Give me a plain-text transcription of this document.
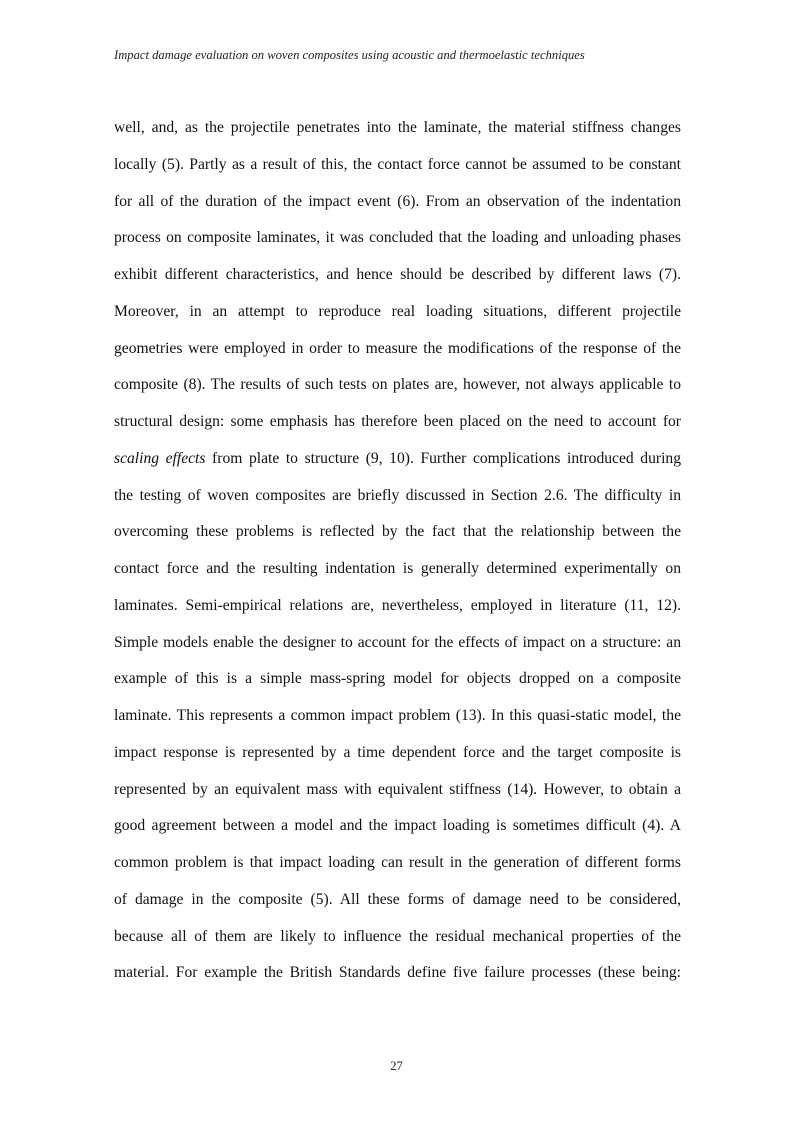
Impact damage evaluation on woven composites using acoustic and thermoelastic techniques
well, and, as the projectile penetrates into the laminate, the material stiffness changes
locally (5). Partly as a result of this, the contact force cannot be assumed to be constant
for all of the duration of the impact event (6). From an observation of the indentation
process on composite laminates, it was concluded that the loading and unloading phases
exhibit different characteristics, and hence should be described by different laws (7).
Moreover, in an attempt to reproduce real loading situations, different projectile
geometries were employed in order to measure the modifications of the response of the
composite (8). The results of such tests on plates are, however, not always applicable to
structural design: some emphasis has therefore been placed on the need to account for
scaling effects from plate to structure (9, 10). Further complications introduced during
the testing of woven composites are briefly discussed in Section 2.6. The difficulty in
overcoming these problems is reflected by the fact that the relationship between the
contact force and the resulting indentation is generally determined experimentally on
laminates. Semi-empirical relations are, nevertheless, employed in literature (11, 12).
Simple models enable the designer to account for the effects of impact on a structure: an
example of this is a simple mass-spring model for objects dropped on a composite
laminate. This represents a common impact problem (13). In this quasi-static model, the
impact response is represented by a time dependent force and the target composite is
represented by an equivalent mass with equivalent stiffness (14). However, to obtain a
good agreement between a model and the impact loading is sometimes difficult (4). A
common problem is that impact loading can result in the generation of different forms
of damage in the composite (5). All these forms of damage need to be considered,
because all of them are likely to influence the residual mechanical properties of the
material. For example the British Standards define five failure processes (these being:
27
